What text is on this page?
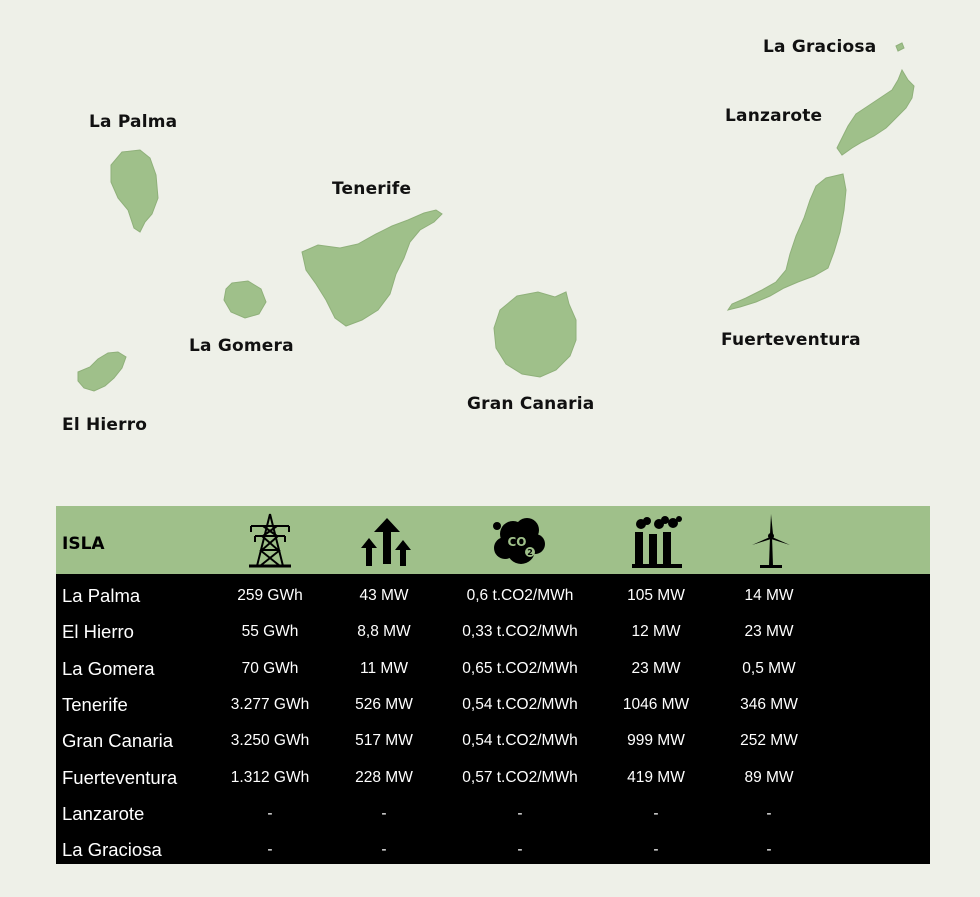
La Palma
La Gomera
El Hierro
Tenerife
Gran Canaria
Fuerteventura
Lanzarote
La Graciosa
ISLA	CO
2
La Palma	259 GWh	43 MW	0,6 t.CO2/MWh	105 MW	14 MW
El Hierro	55 GWh	8,8 MW	0,33 t.CO2/MWh	12 MW	23 MW
La Gomera	70 GWh	11 MW	0,65 t.CO2/MWh	23 MW	0,5 MW
Tenerife	3.277 GWh	526 MW	0,54 t.CO2/MWh	1046 MW	346 MW
Gran Canaria	3.250 GWh	517 MW	0,54 t.CO2/MWh	999 MW	252 MW
Fuerteventura	1.312 GWh	228 MW	0,57 t.CO2/MWh	419 MW	89 MW
Lanzarote	-	-	-	-	-
La Graciosa	-	-	-	-	-
